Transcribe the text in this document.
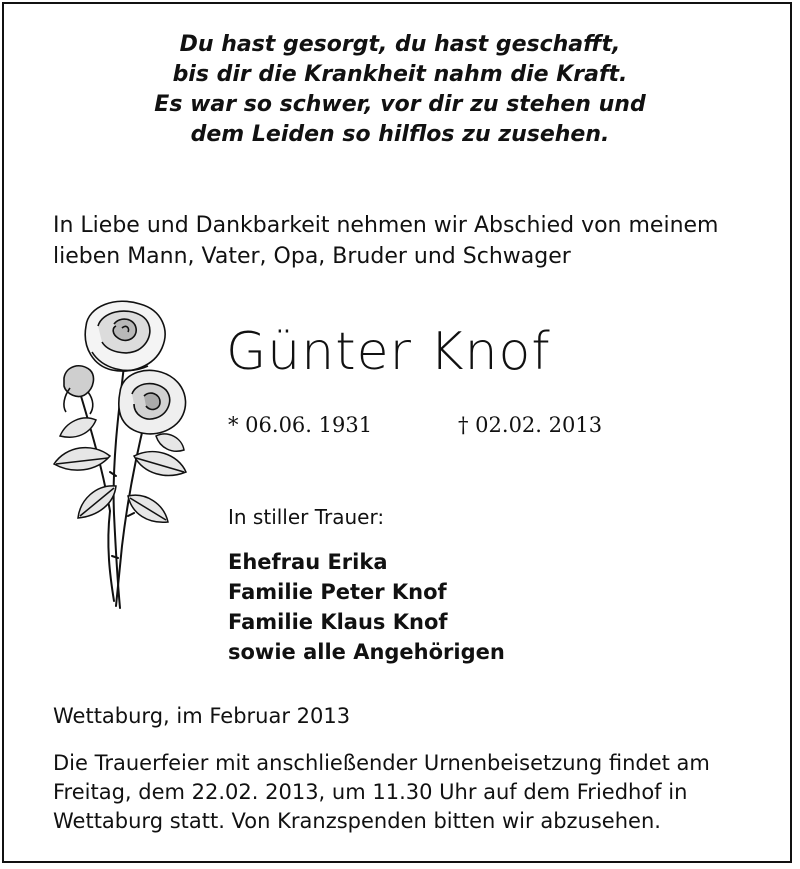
Du hast gesorgt, du hast geschafft,
bis dir die Krankheit nahm die Kraft.
Es war so schwer, vor dir zu stehen und
dem Leiden so hilflos zu zusehen.
In Liebe und Dankbarkeit nehmen wir Abschied von meinem
lieben Mann, Vater, Opa, Bruder und Schwager
Günter Knof
* 06.06. 1931	† 02.02. 2013
In stiller Trauer:
Ehefrau Erika
Familie Peter Knof
Familie Klaus Knof
sowie alle Angehörigen
Wettaburg, im Februar 2013
Die Trauerfeier mit anschließender Urnenbeisetzung findet am
Freitag, dem 22.02. 2013, um 11.30 Uhr auf dem Friedhof in
Wettaburg statt. Von Kranzspenden bitten wir abzusehen.
